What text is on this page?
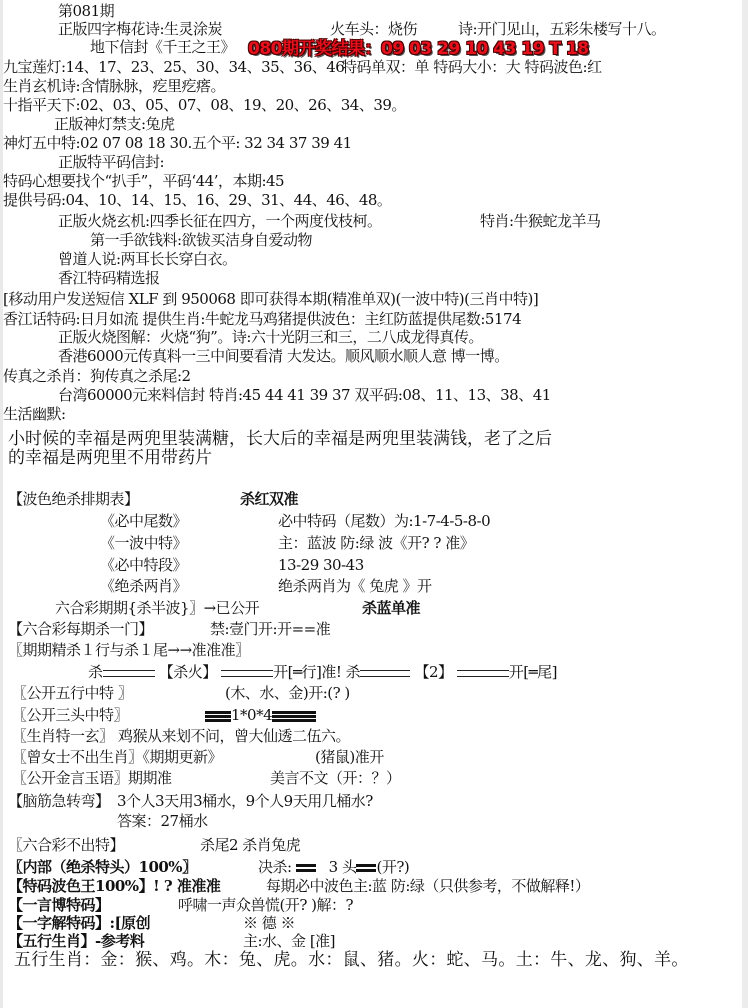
第081期
正版四字梅花诗:生灵涂炭	火车头：烧伤	诗:开门见山，五彩朱楼写十八。
地下信封《千王之王》 080期开奖结果：09 03 29 10 43 19 T 18
九宝莲灯:14、17、23、25、30、34、35、36、46
特码单双：单 特码大小：大 特码波色:红
生肖玄机诗:含情脉脉，疙里疙瘩。
十指平天下:02、03、05、07、08、19、20、26、34、39。
正版神灯禁支:兔虎
神灯五中特:02 07 08 18 30.五个平: 32 34 37 39 41
正版特平码信封:
特码心想要找个“扒手”，平码‘44’，本期:45
提供号码:04、10、14、15、16、29、31、44、46、48。
正版火烧玄机:四季长征在四方，一个两度伐枝柯。	特肖:牛猴蛇龙羊马
第一手欲钱料:欲钹买洁身自爱动物
曾道人说:两耳长长穿白衣。
香江特码精选报
[移动用户发送短信 XLF 到 950068 即可获得本期(精准单双)(一波中特)(三肖中特)]
香江话特码:日月如流 提供生肖:牛蛇龙马鸡猪提供波色：主红防蓝提供尾数:5174
正版火烧图解：火烧“狗”。诗:六十光阴三和三，二八成龙得真传。
香港6000元传真料一三中间要看清 大发达。顺风顺水顺人意 博一博。
传真之杀肖：狗传真之杀尾:2
台湾60000元来料信封 特肖:45 44 41 39 37 双平码:08、11、13、38、41
生活幽默:
小时候的幸福是两兜里装满糖，长大后的幸福是两兜里装满钱，老了之后
的幸福是两兜里不用带药片
【波色绝杀排期表】	杀红双准
《必中尾数》	必中特码（尾数）为:1-7-4-5-8-0
《一波中特》	主：蓝波 防:绿 波《开? ? 准》
《必中特段》	13-29 30-43
《绝杀两肖》	绝杀两肖为《 兔虎 》开
六合彩期期{杀半波}〗→已公开	杀蓝单准
【六合彩每期杀一门】	禁:壹门开:开==准
〖期期精杀１行与杀１尾→→准准准〗
杀	【杀火】	开[═行]准! 杀	【2】	开[═尾]
〖公开五行中特 〗	(木、水、金)开:(? )
〖公开三头中特〗	1*0*4
〖生肖特一玄〗 鸡猴从来划不问，曾大仙透二伍六。
〖曾女士不出生肖〗《期期更新》	(猪鼠)准开
〖公开金言玉语〗期期准	美言不文（开：？）
【脑筋急转弯】 3个人3天用3桶水，9个人9天用几桶水?
答案：27桶水
〖六合彩不出特】	杀尾2 杀肖兔虎
〖内部（绝杀特头）100%〗	决杀: 3 头 (开?)
【特码波色王100%】! ? 准准准	每期必中波色主:蓝 防:绿（只供参考，不做解释!）
【一言博特码】	呼啸一声众兽慌(开? )解：?
【一字解特码】:[原创	※ 德 ※
【五行生肖】-参考料	主:水、金 [准]
五行生肖：金：猴、鸡。木：兔、虎。水：鼠、猪。火：蛇、马。土：牛、龙、狗、羊。
